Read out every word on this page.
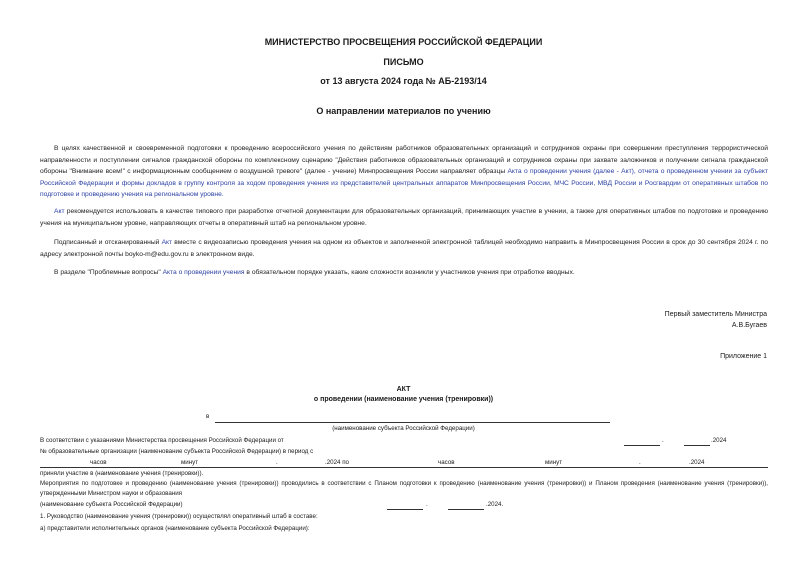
МИНИСТЕРСТВО ПРОСВЕЩЕНИЯ РОССИЙСКОЙ ФЕДЕРАЦИИ
ПИСЬМО
от 13 августа 2024 года № АБ-2193/14
О направлении материалов по учению

В целях качественной и своевременной подготовки к проведению всероссийского учения по действиям работников образовательных организаций и сотрудников охраны при совершении преступления террористической направленности и поступлении сигналов гражданской обороны по комплексному сценарию "Действия работников образовательных организаций и сотрудников охраны при захвате заложников и получении сигнала гражданской обороны "Внимание всем!" с информационным сообщением о воздушной тревоге" (далее - учение) Минпросвещения России направляет образцы Акта о проведении учения (далее - Акт), отчета о проведенном учении за субъект Российской Федерации и формы докладов в группу контроля за ходом проведения учения из представителей центральных аппаратов Минпросвещения России, МЧС России, МВД России и Росгвардии от оперативных штабов по подготовке и проведению учения на региональном уровне.

Акт рекомендуется использовать в качестве типового при разработке отчетной документации для образовательных организаций, принимающих участие в учении, а также для оперативных штабов по подготовке и проведению учения на муниципальном уровне, направляющих отчеты в оперативный штаб на региональном уровне.

Подписанный и отсканированный Акт вместе с видеозаписью проведения учения на одном из объектов и заполненной электронной таблицей необходимо направить в Минпросвещения России в срок до 30 сентября 2024 г. по адресу электронной почты boyko-m@edu.gov.ru в электронном виде.

В разделе "Проблемные вопросы" Акта о проведении учения в обязательном порядке указать, какие сложности возникли у участников учения при отработке вводных.

Первый заместитель Министра
А.В.Бугаев
Приложение 1
АКТ
о проведении (наименование учения (тренировки))
в
(наименование субъекта Российской Федерации)
В соответствии с указаниями Министерства просвещения Российской Федерации от	.	.2024
№ образовательные организации (наименование субъекта Российской Федерации) в период с
часов	минут	.	.2024 по	часов	минут	.	.2024
приняли участие в (наименование учения (тренировки)).

Мероприятия по подготовке и проведению (наименование учения (тренировки)) проводились в соответствии с Планом подготовки к проведению (наименование учения (тренировки)) и Планом проведения (наименование учения (тренировки)), утвержденными Министром науки и образования

(наименование субъекта Российской Федерации)	.	.2024.
1. Руководство (наименование учения (тренировки)) осуществлял оперативный штаб в составе:
а) представители исполнительных органов (наименование субъекта Российской Федерации):
